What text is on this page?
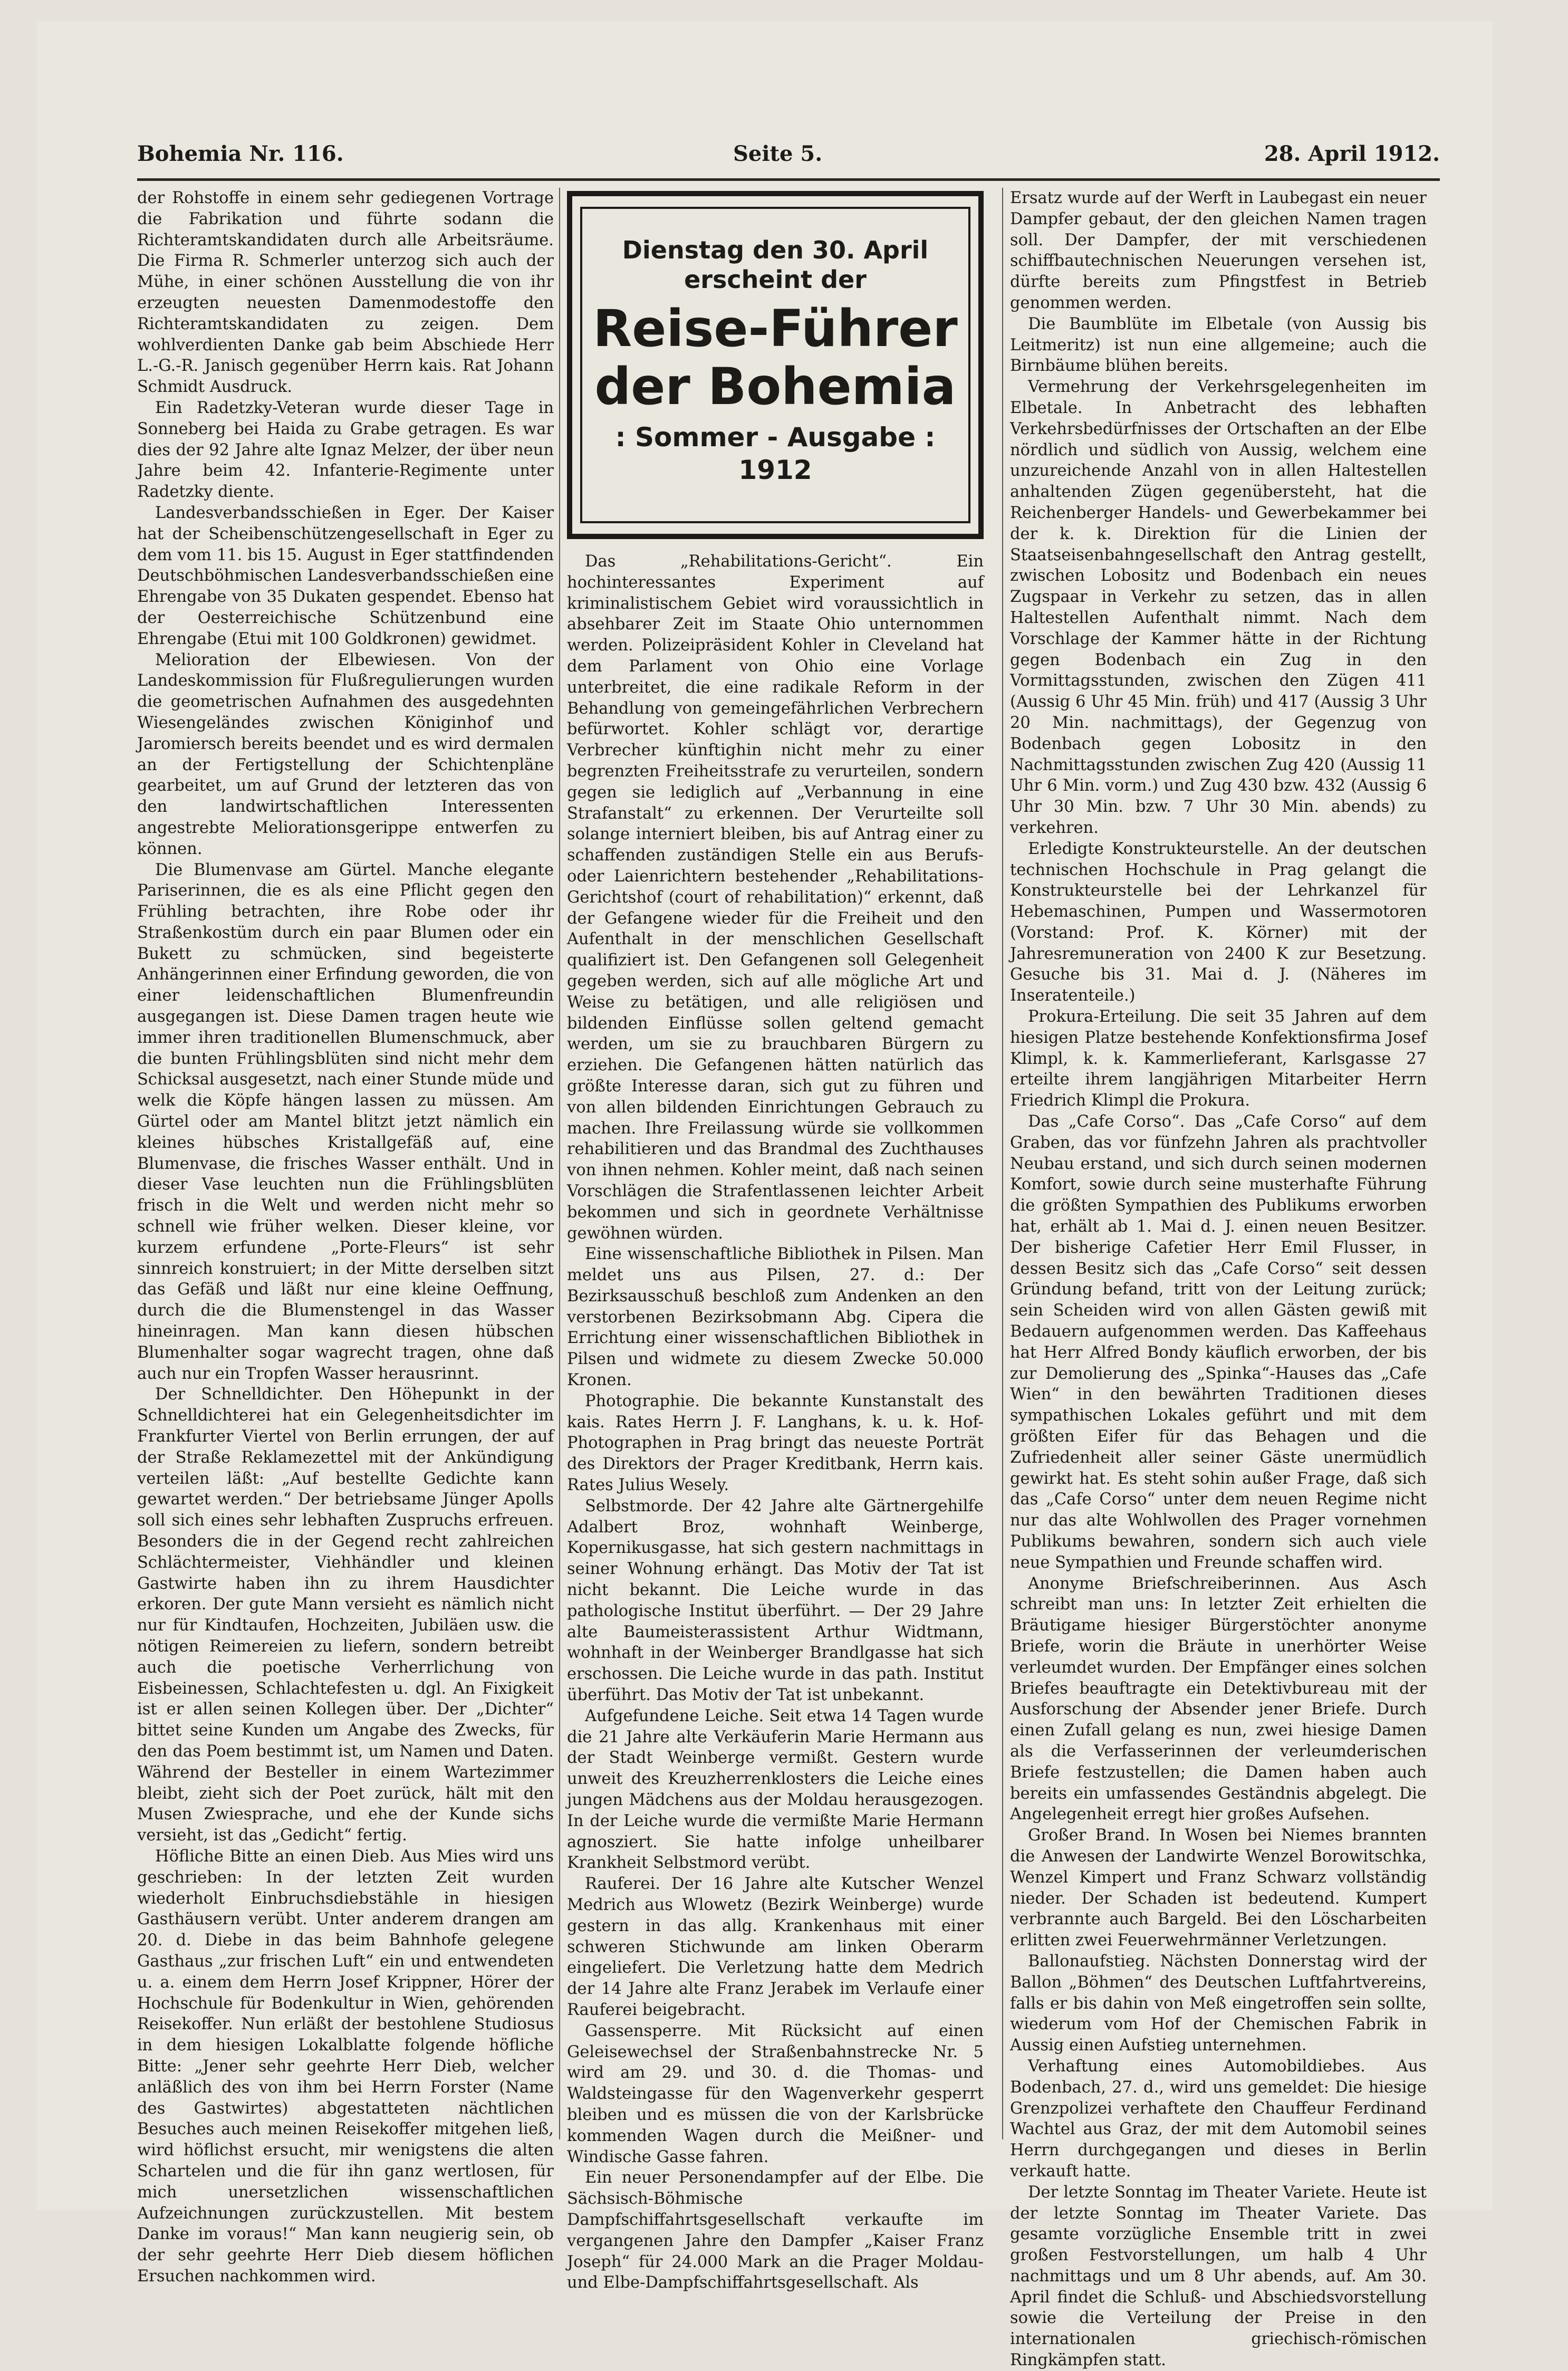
Bohemia Nr. 116.	Seite 5.	28. April 1912.

der Rohstoffe in einem sehr gediegenen Vortrage die Fabrikation und führte sodann die Richteramtskandidaten durch alle Arbeitsräume. Die Firma R. Schmerler unterzog sich auch der Mühe, in einer schönen Ausstellung die von ihr erzeugten neuesten Damenmodestoffe den Richteramtskandidaten zu zeigen. Dem wohlverdienten Danke gab beim Abschiede Herr L.-G.-R. Janisch gegenüber Herrn kais. Rat Johann Schmidt Ausdruck.

Ein Radetzky-Veteran wurde dieser Tage in Sonneberg bei Haida zu Grabe getragen. Es war dies der 92 Jahre alte Ignaz Melzer, der über neun Jahre beim 42. Infanterie-Regimente unter Radetzky diente.

Landesverbandsschießen in Eger. Der Kaiser hat der Scheibenschützengesellschaft in Eger zu dem vom 11. bis 15. August in Eger stattfindenden Deutschböhmischen Landesverbandsschießen eine Ehrengabe von 35 Dukaten gespendet. Ebenso hat der Oesterreichische Schützenbund eine Ehrengabe (Etui mit 100 Goldkronen) gewidmet.

Melioration der Elbewiesen. Von der Landeskommission für Flußregulierungen wurden die geometrischen Aufnahmen des ausgedehnten Wiesengeländes zwischen Königinhof und Jaromiersch bereits beendet und es wird dermalen an der Fertigstellung der Schichtenpläne gearbeitet, um auf Grund der letzteren das von den landwirtschaftlichen Interessenten angestrebte Meliorationsgerippe entwerfen zu können.

Die Blumenvase am Gürtel. Manche elegante Pariserinnen, die es als eine Pflicht gegen den Frühling betrachten, ihre Robe oder ihr Straßenkostüm durch ein paar Blumen oder ein Bukett zu schmücken, sind begeisterte Anhängerinnen einer Erfindung geworden, die von einer leidenschaftlichen Blumenfreundin ausgegangen ist. Diese Damen tragen heute wie immer ihren traditionellen Blumenschmuck, aber die bunten Frühlingsblüten sind nicht mehr dem Schicksal ausgesetzt, nach einer Stunde müde und welk die Köpfe hängen lassen zu müssen. Am Gürtel oder am Mantel blitzt jetzt nämlich ein kleines hübsches Kristallgefäß auf, eine Blumenvase, die frisches Wasser enthält. Und in dieser Vase leuchten nun die Frühlingsblüten frisch in die Welt und werden nicht mehr so schnell wie früher welken. Dieser kleine, vor kurzem erfundene „Porte-Fleurs“ ist sehr sinnreich konstruiert; in der Mitte derselben sitzt das Gefäß und läßt nur eine kleine Oeffnung, durch die die Blumenstengel in das Wasser hineinragen. Man kann diesen hübschen Blumenhalter sogar wagrecht tragen, ohne daß auch nur ein Tropfen Wasser herausrinnt.

Der Schnelldichter. Den Höhepunkt in der Schnelldichterei hat ein Gelegenheitsdichter im Frankfurter Viertel von Berlin errungen, der auf der Straße Reklamezettel mit der Ankündigung verteilen läßt: „Auf bestellte Gedichte kann gewartet werden.“ Der betriebsame Jünger Apolls soll sich eines sehr lebhaften Zuspruchs erfreuen. Besonders die in der Gegend recht zahlreichen Schlächtermeister, Viehhändler und kleinen Gastwirte haben ihn zu ihrem Hausdichter erkoren. Der gute Mann versieht es nämlich nicht nur für Kindtaufen, Hochzeiten, Jubiläen usw. die nötigen Reimereien zu liefern, sondern betreibt auch die poetische Verherrlichung von Eisbeinessen, Schlachtefesten u. dgl. An Fixigkeit ist er allen seinen Kollegen über. Der „Dichter“ bittet seine Kunden um Angabe des Zwecks, für den das Poem bestimmt ist, um Namen und Daten. Während der Besteller in einem Wartezimmer bleibt, zieht sich der Poet zurück, hält mit den Musen Zwiesprache, und ehe der Kunde sichs versieht, ist das „Gedicht“ fertig.

Höfliche Bitte an einen Dieb. Aus Mies wird uns geschrieben: In der letzten Zeit wurden wiederholt Einbruchsdiebstähle in hiesigen Gasthäusern verübt. Unter anderem drangen am 20. d. Diebe in das beim Bahnhofe gelegene Gasthaus „zur frischen Luft“ ein und entwendeten u. a. einem dem Herrn Josef Krippner, Hörer der Hochschule für Bodenkultur in Wien, gehörenden Reisekoffer. Nun erläßt der bestohlene Studiosus in dem hiesigen Lokalblatte folgende höfliche Bitte: „Jener sehr geehrte Herr Dieb, welcher anläßlich des von ihm bei Herrn Forster (Name des Gastwirtes) abgestatteten nächtlichen Besuches auch meinen Reisekoffer mitgehen ließ, wird höflichst ersucht, mir wenigstens die alten Schartelen und die für ihn ganz wertlosen, für mich unersetzlichen wissenschaftlichen Aufzeichnungen zurückzustellen. Mit bestem Danke im voraus!“ Man kann neugierig sein, ob der sehr geehrte Herr Dieb diesem höflichen Ersuchen nachkommen wird.

Dienstag den 30. April
erscheint der
Reise-Führer
der Bohemia
: Sommer - Ausgabe :
1912

Das „Rehabilitations-Gericht“. Ein hochinteressantes Experiment auf kriminalistischem Gebiet wird voraussichtlich in absehbarer Zeit im Staate Ohio unternommen werden. Polizeipräsident Kohler in Cleveland hat dem Parlament von Ohio eine Vorlage unterbreitet, die eine radikale Reform in der Behandlung von gemeingefährlichen Verbrechern befürwortet. Kohler schlägt vor, derartige Verbrecher künftighin nicht mehr zu einer begrenzten Freiheitsstrafe zu verurteilen, sondern gegen sie lediglich auf „Verbannung in eine Strafanstalt“ zu erkennen. Der Verurteilte soll solange interniert bleiben, bis auf Antrag einer zu schaffenden zuständigen Stelle ein aus Berufs- oder Laienrichtern bestehender „Rehabilitations-Gerichtshof (court of rehabilitation)“ erkennt, daß der Gefangene wieder für die Freiheit und den Aufenthalt in der menschlichen Gesellschaft qualifiziert ist. Den Gefangenen soll Gelegenheit gegeben werden, sich auf alle mögliche Art und Weise zu betätigen, und alle religiösen und bildenden Einflüsse sollen geltend gemacht werden, um sie zu brauchbaren Bürgern zu erziehen. Die Gefangenen hätten natürlich das größte Interesse daran, sich gut zu führen und von allen bildenden Einrichtungen Gebrauch zu machen. Ihre Freilassung würde sie vollkommen rehabilitieren und das Brandmal des Zuchthauses von ihnen nehmen. Kohler meint, daß nach seinen Vorschlägen die Strafentlassenen leichter Arbeit bekommen und sich in geordnete Verhältnisse gewöhnen würden.

Eine wissenschaftliche Bibliothek in Pilsen. Man meldet uns aus Pilsen, 27. d.: Der Bezirksausschuß beschloß zum Andenken an den verstorbenen Bezirksobmann Abg. Cipera die Errichtung einer wissenschaftlichen Bibliothek in Pilsen und widmete zu diesem Zwecke 50.000 Kronen.

Photographie. Die bekannte Kunstanstalt des kais. Rates Herrn J. F. Langhans, k. u. k. Hof-Photographen in Prag bringt das neueste Porträt des Direktors der Prager Kreditbank, Herrn kais. Rates Julius Wesely.

Selbstmorde. Der 42 Jahre alte Gärtnergehilfe Adalbert Broz, wohnhaft Weinberge, Kopernikusgasse, hat sich gestern nachmittags in seiner Wohnung erhängt. Das Motiv der Tat ist nicht bekannt. Die Leiche wurde in das pathologische Institut überführt. — Der 29 Jahre alte Baumeisterassistent Arthur Widtmann, wohnhaft in der Weinberger Brandlgasse hat sich erschossen. Die Leiche wurde in das path. Institut überführt. Das Motiv der Tat ist unbekannt.

Aufgefundene Leiche. Seit etwa 14 Tagen wurde die 21 Jahre alte Verkäuferin Marie Hermann aus der Stadt Weinberge vermißt. Gestern wurde unweit des Kreuzherrenklosters die Leiche eines jungen Mädchens aus der Moldau herausgezogen. In der Leiche wurde die vermißte Marie Hermann agnosziert. Sie hatte infolge unheilbarer Krankheit Selbstmord verübt.

Rauferei. Der 16 Jahre alte Kutscher Wenzel Medrich aus Wlowetz (Bezirk Weinberge) wurde gestern in das allg. Krankenhaus mit einer schweren Stichwunde am linken Oberarm eingeliefert. Die Verletzung hatte dem Medrich der 14 Jahre alte Franz Jerabek im Verlaufe einer Rauferei beigebracht.

Gassensperre. Mit Rücksicht auf einen Geleisewechsel der Straßenbahnstrecke Nr. 5 wird am 29. und 30. d. die Thomas- und Waldsteingasse für den Wagenverkehr gesperrt bleiben und es müssen die von der Karlsbrücke kommenden Wagen durch die Meißner- und Windische Gasse fahren.

Ein neuer Personendampfer auf der Elbe. Die Sächsisch-Böhmische Dampfschiffahrtsgesellschaft verkaufte im vergangenen Jahre den Dampfer „Kaiser Franz Joseph“ für 24.000 Mark an die Prager Moldau- und Elbe-Dampfschiffahrtsgesellschaft. Als

Ersatz wurde auf der Werft in Laubegast ein neuer Dampfer gebaut, der den gleichen Namen tragen soll. Der Dampfer, der mit verschiedenen schiffbautechnischen Neuerungen versehen ist, dürfte bereits zum Pfingstfest in Betrieb genommen werden.

Die Baumblüte im Elbetale (von Aussig bis Leitmeritz) ist nun eine allgemeine; auch die Birnbäume blühen bereits.

Vermehrung der Verkehrsgelegenheiten im Elbetale. In Anbetracht des lebhaften Verkehrsbedürfnisses der Ortschaften an der Elbe nördlich und südlich von Aussig, welchem eine unzureichende Anzahl von in allen Haltestellen anhaltenden Zügen gegenübersteht, hat die Reichenberger Handels- und Gewerbekammer bei der k. k. Direktion für die Linien der Staatseisenbahngesellschaft den Antrag gestellt, zwischen Lobositz und Bodenbach ein neues Zugspaar in Verkehr zu setzen, das in allen Haltestellen Aufenthalt nimmt. Nach dem Vorschlage der Kammer hätte in der Richtung gegen Bodenbach ein Zug in den Vormittagsstunden, zwischen den Zügen 411 (Aussig 6 Uhr 45 Min. früh) und 417 (Aussig 3 Uhr 20 Min. nachmittags), der Gegenzug von Bodenbach gegen Lobositz in den Nachmittagsstunden zwischen Zug 420 (Aussig 11 Uhr 6 Min. vorm.) und Zug 430 bzw. 432 (Aussig 6 Uhr 30 Min. bzw. 7 Uhr 30 Min. abends) zu verkehren.

Erledigte Konstrukteurstelle. An der deutschen technischen Hochschule in Prag gelangt die Konstrukteurstelle bei der Lehrkanzel für Hebemaschinen, Pumpen und Wassermotoren (Vorstand: Prof. K. Körner) mit der Jahresremuneration von 2400 K zur Besetzung. Gesuche bis 31. Mai d. J. (Näheres im Inseratenteile.)

Prokura-Erteilung. Die seit 35 Jahren auf dem hiesigen Platze bestehende Konfektionsfirma Josef Klimpl, k. k. Kammerlieferant, Karlsgasse 27 erteilte ihrem langjährigen Mitarbeiter Herrn Friedrich Klimpl die Prokura.

Das „Cafe Corso“. Das „Cafe Corso“ auf dem Graben, das vor fünfzehn Jahren als prachtvoller Neubau erstand, und sich durch seinen modernen Komfort, sowie durch seine musterhafte Führung die größten Sympathien des Publikums erworben hat, erhält ab 1. Mai d. J. einen neuen Besitzer. Der bisherige Cafetier Herr Emil Flusser, in dessen Besitz sich das „Cafe Corso“ seit dessen Gründung befand, tritt von der Leitung zurück; sein Scheiden wird von allen Gästen gewiß mit Bedauern aufgenommen werden. Das Kaffeehaus hat Herr Alfred Bondy käuflich erworben, der bis zur Demolierung des „Spinka“-Hauses das „Cafe Wien“ in den bewährten Traditionen dieses sympathischen Lokales geführt und mit dem größten Eifer für das Behagen und die Zufriedenheit aller seiner Gäste unermüdlich gewirkt hat. Es steht sohin außer Frage, daß sich das „Cafe Corso“ unter dem neuen Regime nicht nur das alte Wohlwollen des Prager vornehmen Publikums bewahren, sondern sich auch viele neue Sympathien und Freunde schaffen wird.

Anonyme Briefschreiberinnen. Aus Asch schreibt man uns: In letzter Zeit erhielten die Bräutigame hiesiger Bürgerstöchter anonyme Briefe, worin die Bräute in unerhörter Weise verleumdet wurden. Der Empfänger eines solchen Briefes beauftragte ein Detektivbureau mit der Ausforschung der Absender jener Briefe. Durch einen Zufall gelang es nun, zwei hiesige Damen als die Verfasserinnen der verleumderischen Briefe festzustellen; die Damen haben auch bereits ein umfassendes Geständnis abgelegt. Die Angelegenheit erregt hier großes Aufsehen.

Großer Brand. In Wosen bei Niemes brannten die Anwesen der Landwirte Wenzel Borowitschka, Wenzel Kimpert und Franz Schwarz vollständig nieder. Der Schaden ist bedeutend. Kumpert verbrannte auch Bargeld. Bei den Löscharbeiten erlitten zwei Feuerwehrmänner Verletzungen.

Ballonaufstieg. Nächsten Donnerstag wird der Ballon „Böhmen“ des Deutschen Luftfahrtvereins, falls er bis dahin von Meß eingetroffen sein sollte, wiederum vom Hof der Chemischen Fabrik in Aussig einen Aufstieg unternehmen.

Verhaftung eines Automobildiebes. Aus Bodenbach, 27. d., wird uns gemeldet: Die hiesige Grenzpolizei verhaftete den Chauffeur Ferdinand Wachtel aus Graz, der mit dem Automobil seines Herrn durchgegangen und dieses in Berlin verkauft hatte.

Der letzte Sonntag im Theater Variete. Heute ist der letzte Sonntag im Theater Variete. Das gesamte vorzügliche Ensemble tritt in zwei großen Festvorstellungen, um halb 4 Uhr nachmittags und um 8 Uhr abends, auf. Am 30. April findet die Schluß- und Abschiedsvorstellung sowie die Verteilung der Preise in den internationalen griechisch-römischen Ringkämpfen statt.
